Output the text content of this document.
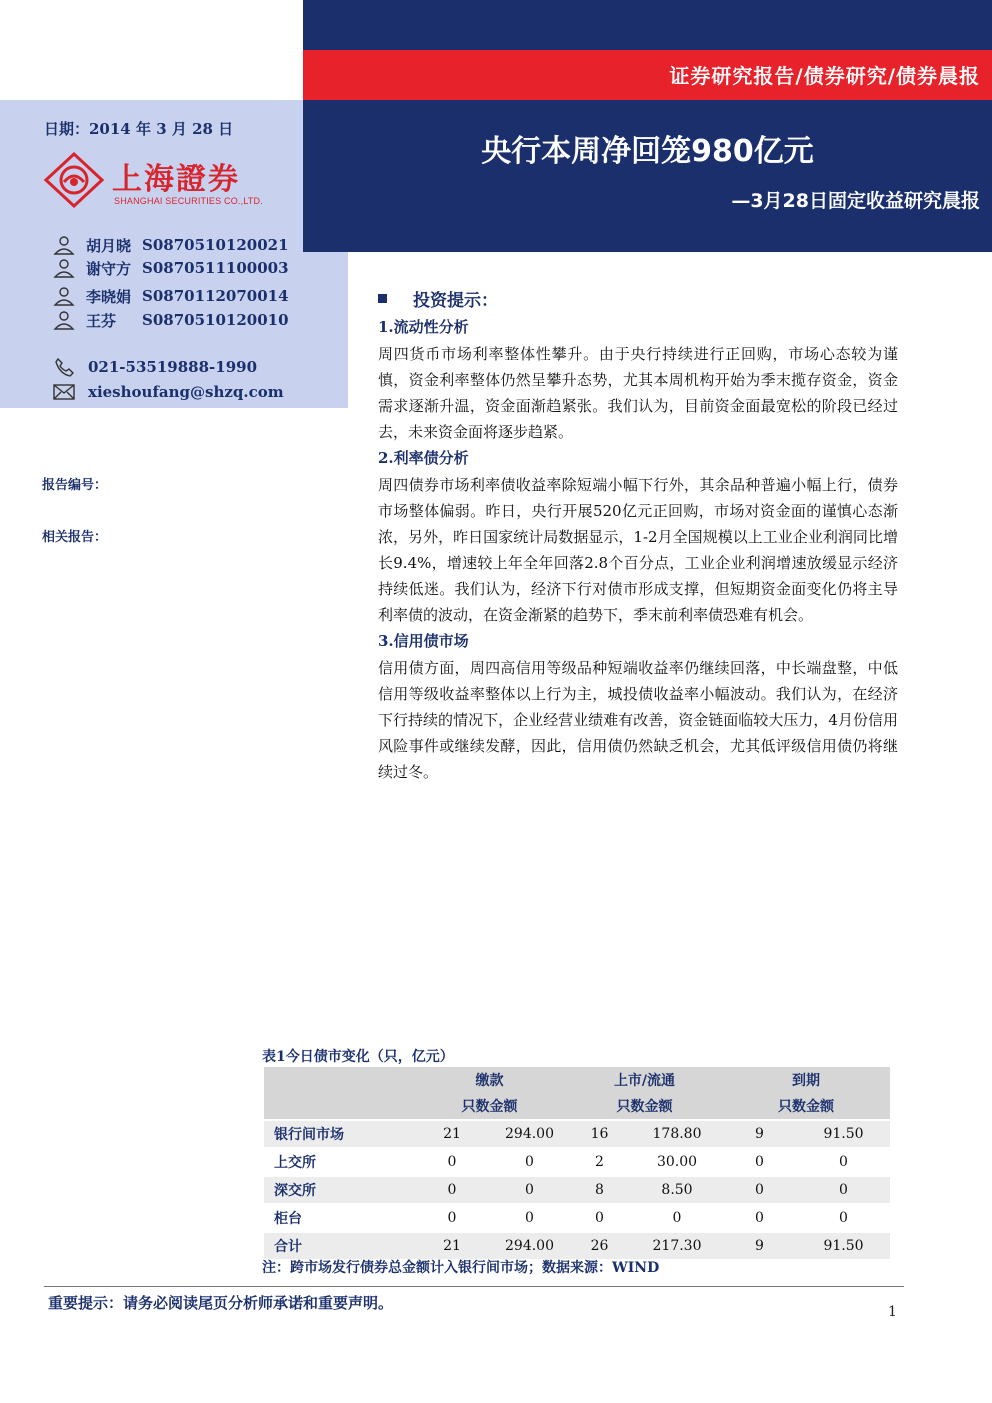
证券研究报告/债券研究/债券晨报
央行本周净回笼980亿元
—3月28日固定收益研究晨报
日期：2014 年 3 月 28 日
上海證券
SHANGHAI SECURITIES CO.,LTD.
胡月晓 S0870510120021
谢守方 S0870511100003
李晓娟 S0870112070014
王芬	S0870510120010
021-53519888-1990
xieshoufang@shzq.com
报告编号：
相关报告：
投资提示：
1.流动性分析

周四货币市场利率整体性攀升。由于央行持续进行正回购，市场心态较为谨慎，资金利率整体仍然呈攀升态势，尤其本周机构开始为季末揽存资金，资金需求逐渐升温，资金面渐趋紧张。我们认为，目前资金面最宽松的阶段已经过去，未来资金面将逐步趋紧。

2.利率债分析

周四债券市场利率债收益率除短端小幅下行外，其余品种普遍小幅上行，债券市场整体偏弱。昨日，央行开展520亿元正回购，市场对资金面的谨慎心态渐浓，另外，昨日国家统计局数据显示，1-2月全国规模以上工业企业利润同比增长9.4%，增速较上年全年回落2.8个百分点，工业企业利润增速放缓显示经济持续低迷。我们认为，经济下行对债市形成支撑，但短期资金面变化仍将主导利率债的波动，在资金渐紧的趋势下，季末前利率债恐难有机会。

3.信用债市场

信用债方面，周四高信用等级品种短端收益率仍继续回落，中长端盘整，中低信用等级收益率整体以上行为主，城投债收益率小幅波动。我们认为，在经济下行持续的情况下，企业经营业绩难有改善，资金链面临较大压力，4月份信用风险事件或继续发酵，因此，信用债仍然缺乏机会，尤其低评级信用债仍将继续过冬。

表1今日债市变化（只，亿元）
	缴款		上市/流通		到期	
	只数金额		只数金额		只数金额	
银行间市场	21	294.00	16	178.80	9	91.50
上交所	0	0	2	30.00	0	0
深交所	0	0	8	8.50	0	0
柜台	0	0	0	0	0	0
合计	21	294.00	26	217.30	9	91.50
注：跨市场发行债券总金额计入银行间市场；数据来源：WIND
重要提示：请务必阅读尾页分析师承诺和重要声明。	1
